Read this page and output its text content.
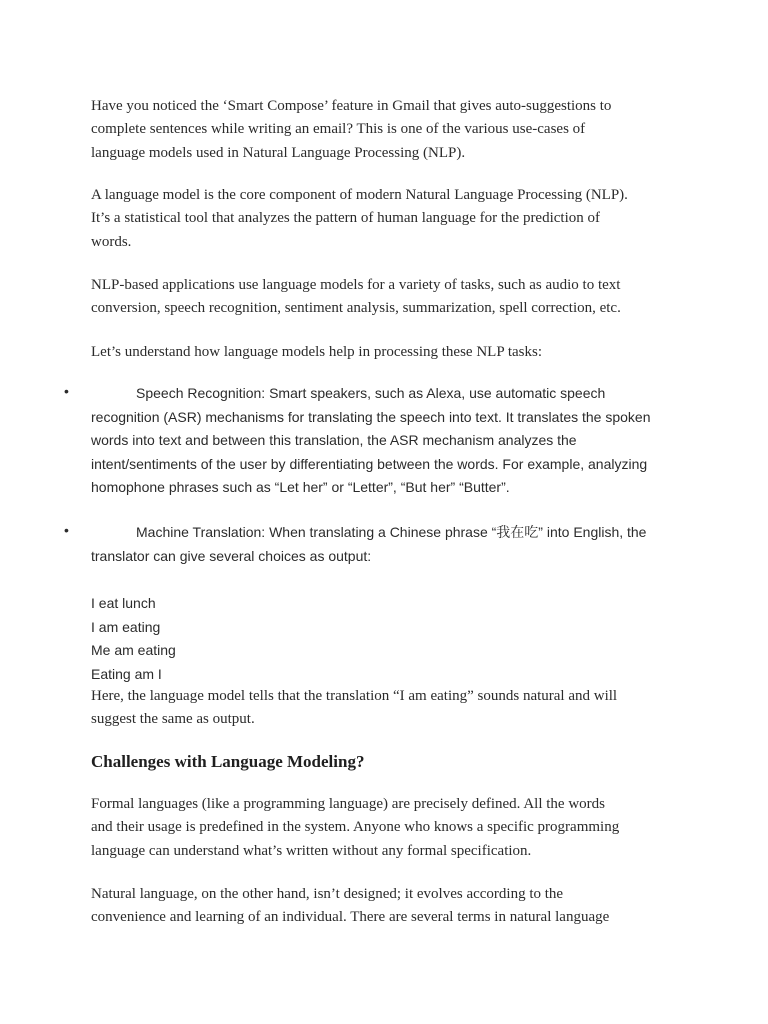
Have you noticed the ‘Smart Compose’ feature in Gmail that gives auto-suggestions to
complete sentences while writing an email? This is one of the various use-cases of
language models used in Natural Language Processing (NLP).

A language model is the core component of modern Natural Language Processing (NLP).
It’s a statistical tool that analyzes the pattern of human language for the prediction of
words.

NLP-based applications use language models for a variety of tasks, such as audio to text
conversion, speech recognition, sentiment analysis, summarization, spell correction, etc.

Let’s understand how language models help in processing these NLP tasks:

•	Speech Recognition: Smart speakers, such as Alexa, use automatic speech
recognition (ASR) mechanisms for translating the speech into text. It translates the spoken
words into text and between this translation, the ASR mechanism analyzes the
intent/sentiments of the user by differentiating between the words. For example, analyzing
homophone phrases such as “Let her” or “Letter”, “But her” “Butter”.

•	Machine Translation: When translating a Chinese phrase “我在吃” into English, the
translator can give several choices as output:

I eat lunch
I am eating
Me am eating
Eating am I

Here, the language model tells that the translation “I am eating” sounds natural and will
suggest the same as output.

Challenges with Language Modeling?

Formal languages (like a programming language) are precisely defined. All the words
and their usage is predefined in the system. Anyone who knows a specific programming
language can understand what’s written without any formal specification.

Natural language, on the other hand, isn’t designed; it evolves according to the
convenience and learning of an individual. There are several terms in natural language
